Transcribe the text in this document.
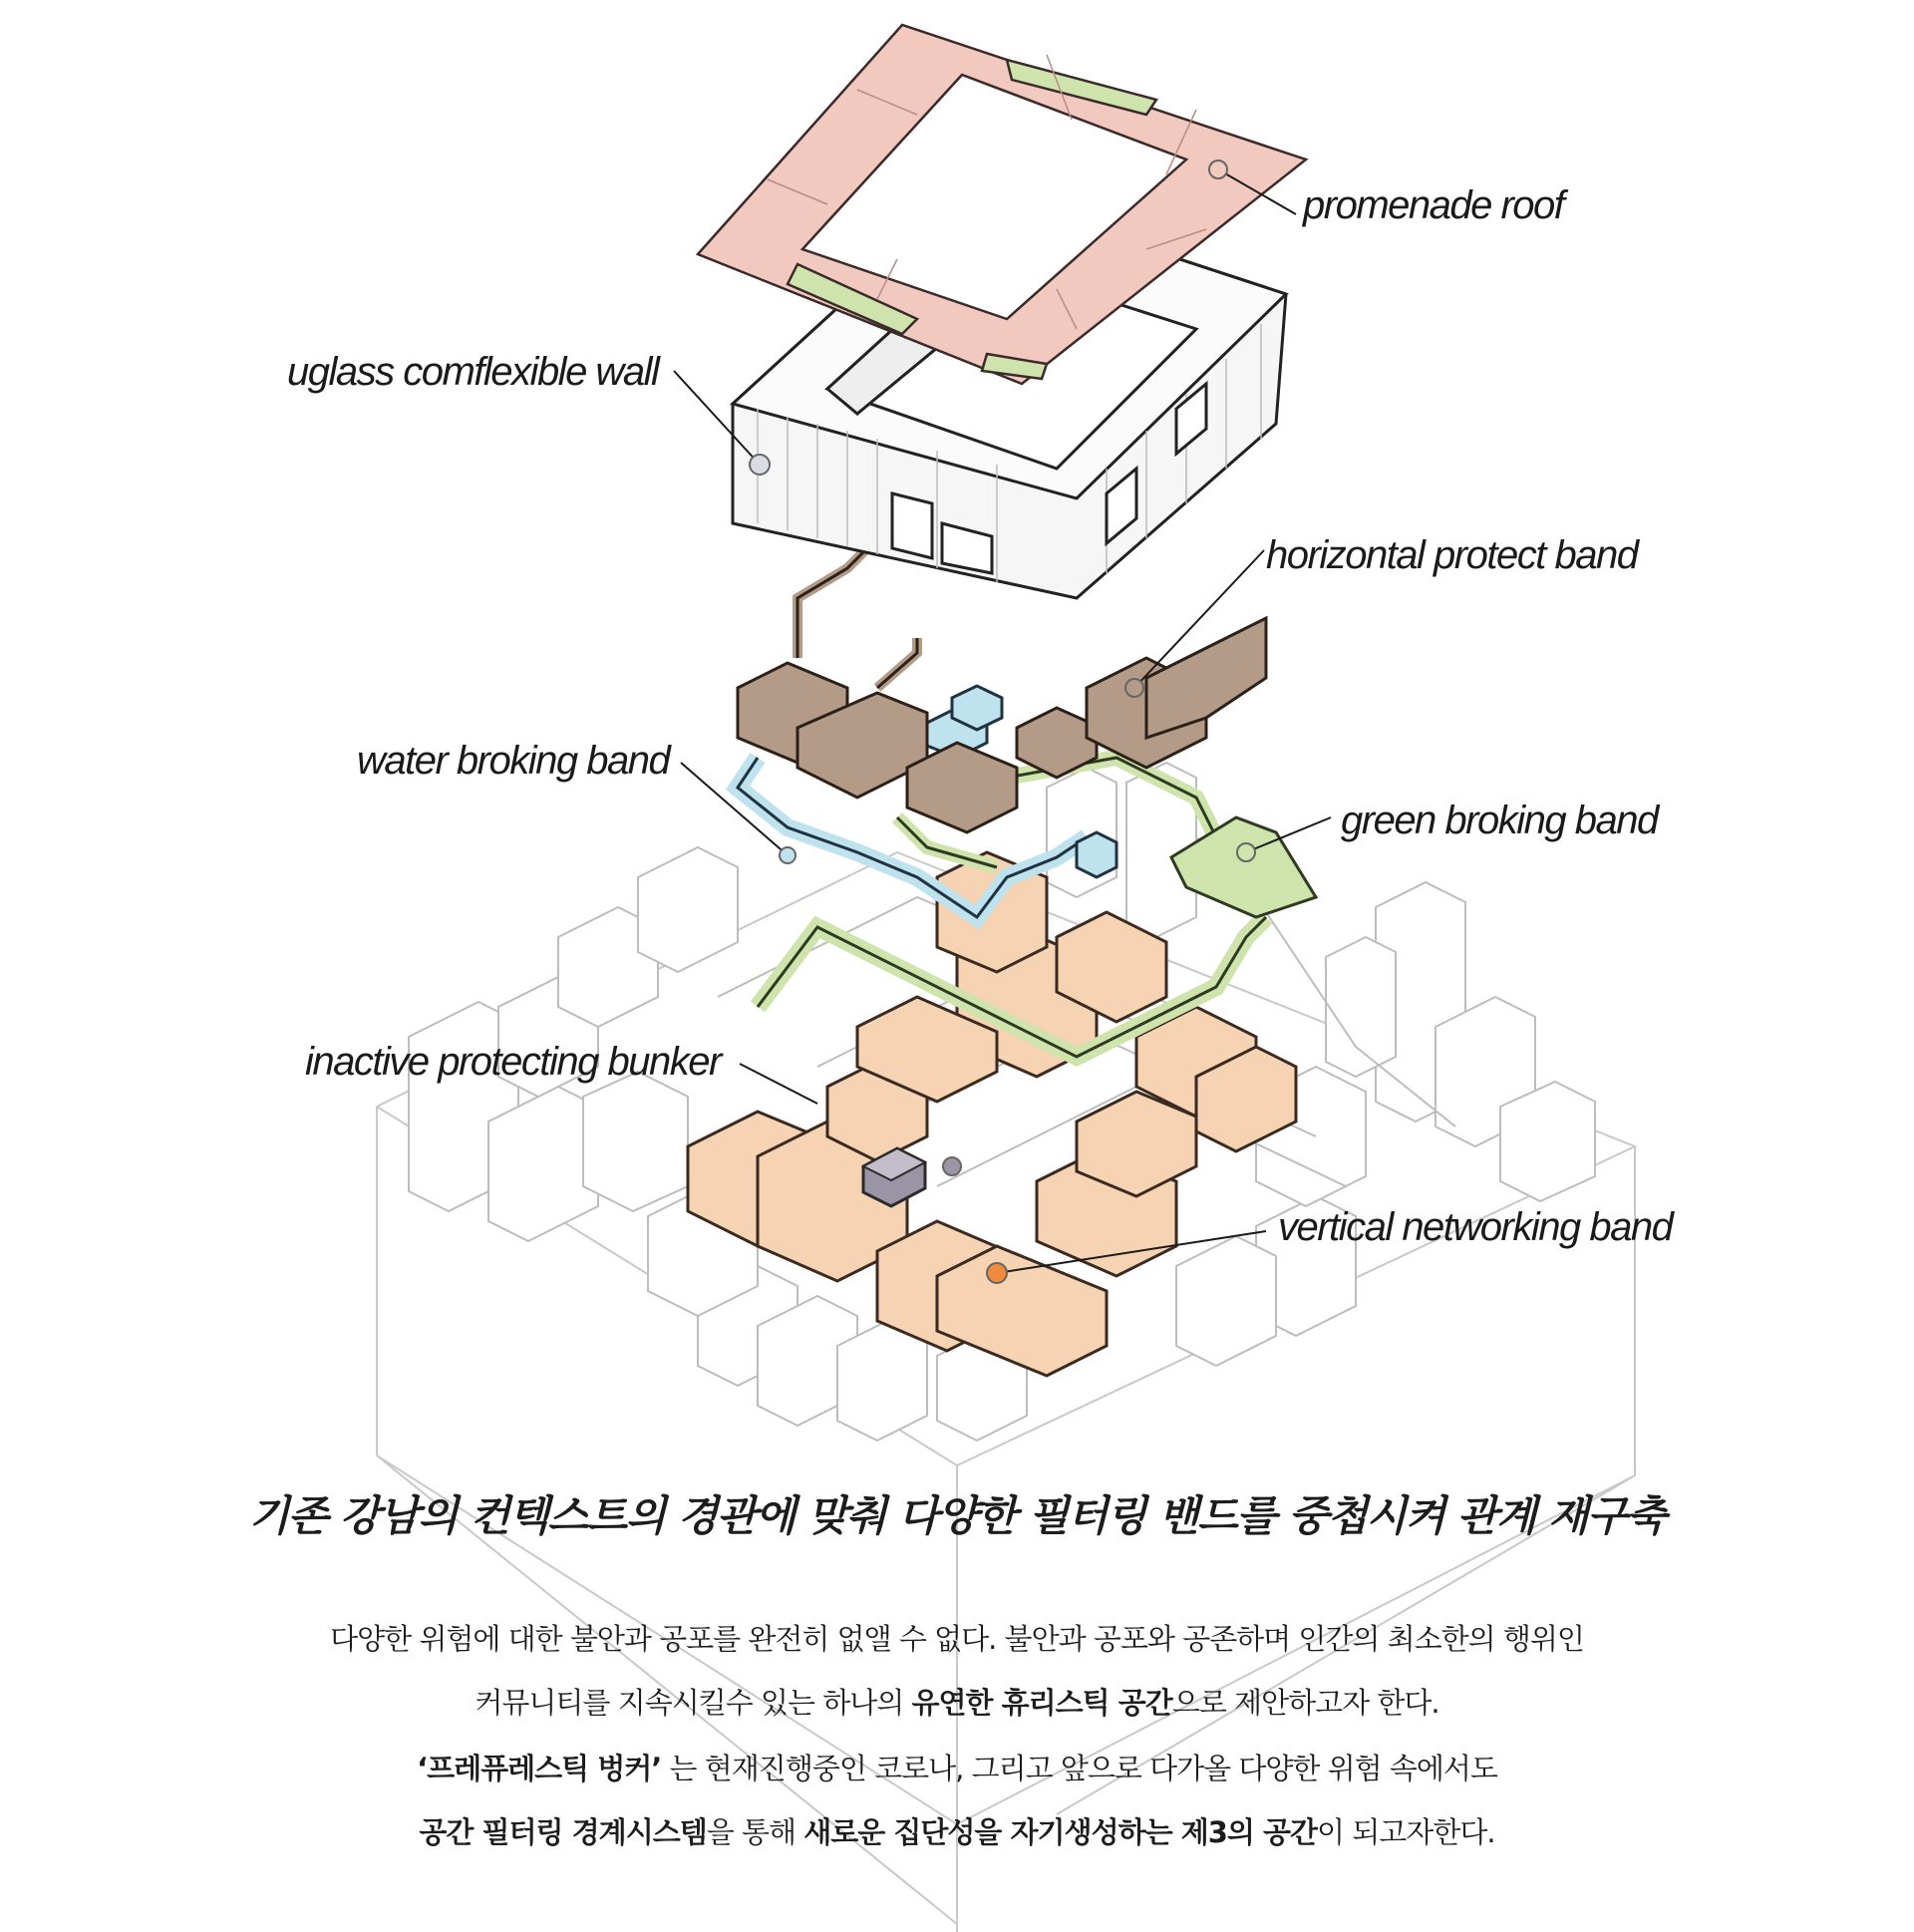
promenade roof
uglass comflexible wall
horizontal protect band
water broking band
green broking band
inactive protecting bunker
vertical networking band
기존 강남의 컨텍스트의 경관에 맞춰 다양한 필터링 밴드를 중첩시켜 관계 재구축
다양한 위험에 대한 불안과 공포를 완전히 없앨 수 없다. 불안과 공포와 공존하며 인간의 최소한의 행위인
커뮤니티를 지속시킬수 있는 하나의 유연한 휴리스틱 공간으로 제안하고자 한다.
‘프레퓨레스틱 벙커’ 는 현재진행중인 코로나, 그리고 앞으로 다가올 다양한 위험 속에서도
공간 필터링 경계시스템을 통해 새로운 집단성을 자기생성하는 제3의 공간이 되고자한다.
